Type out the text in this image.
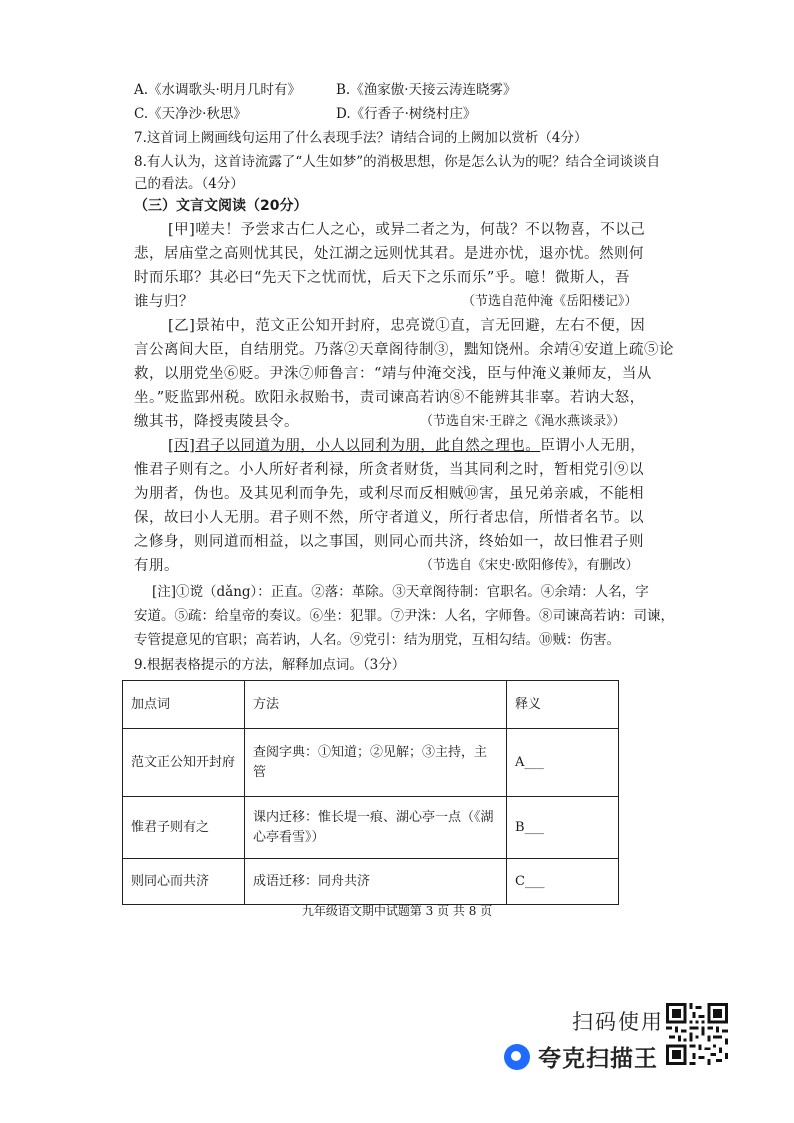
A.《水调歌头·明月几时有》	B.《渔家傲·天接云涛连晓雾》
C.《天净沙·秋思》	D.《行香子·树绕村庄》
7.这首词上阙画线句运用了什么表现手法？请结合词的上阙加以赏析（4分）
8.有人认为，这首诗流露了“人生如梦”的消极思想，你是怎么认为的呢？结合全词谈谈自
己的看法。（4分）
（三）文言文阅读（20分）
[甲]嗟夫！予尝求古仁人之心，或异二者之为，何哉？不以物喜，不以己
悲，居庙堂之高则忧其民，处江湖之远则忧其君。是进亦忧，退亦忧。然则何
时而乐耶？其必曰“先天下之忧而忧，后天下之乐而乐”乎。噫！微斯人，吾
谁与归？	（节选自范仲淹《岳阳楼记》）
[乙]景祐中，范文正公知开封府，忠亮谠①直，言无回避，左右不便，因
言公离间大臣，自结朋党。乃落②天章阁待制③，黜知饶州。余靖④安道上疏⑤论
救，以朋党坐⑥贬。尹洙⑦师鲁言：“靖与仲淹交浅，臣与仲淹义兼师友，当从
坐。”贬监郢州税。欧阳永叔贻书，责司谏高若讷⑧不能辨其非辜。若讷大怒，
缴其书，降授夷陵县令。	（节选自宋·王辟之《渑水燕谈录》）
[丙]君子以同道为朋，小人以同利为朋，此自然之理也。臣谓小人无朋，
惟君子则有之。小人所好者利禄，所贪者财货，当其同利之时，暂相党引⑨以
为朋者，伪也。及其见利而争先，或利尽而反相贼⑩害，虽兄弟亲戚，不能相
保，故曰小人无朋。君子则不然，所守者道义，所行者忠信，所惜者名节。以
之修身，则同道而相益，以之事国，则同心而共济，终始如一，故曰惟君子则
有朋。	（节选自《宋史·欧阳修传》，有删改）
[注]①谠（dǎng）：正直。②落：革除。③天章阁待制：官职名。④余靖：人名，字
安道。⑤疏：给皇帝的奏议。⑥坐：犯罪。⑦尹洙：人名，字师鲁。⑧司谏高若讷：司谏，
专管提意见的官职；高若讷，人名。⑨党引：结为朋党，互相勾结。⑩贼：伤害。
9.根据表格提示的方法，解释加点词。（3分）
加点词	方法	释义
范文正公知开封府	查阅字典：①知道；②见解；③主持，主管	A___
惟君子则有之	课内迁移：惟长堤一痕、湖心亭一点（《湖心亭看雪》）	B___
则同心而共济	成语迁移：同舟共济	C___
九年级语文期中试题第 3 页 共 8 页
扫码使用
夸克扫描王
